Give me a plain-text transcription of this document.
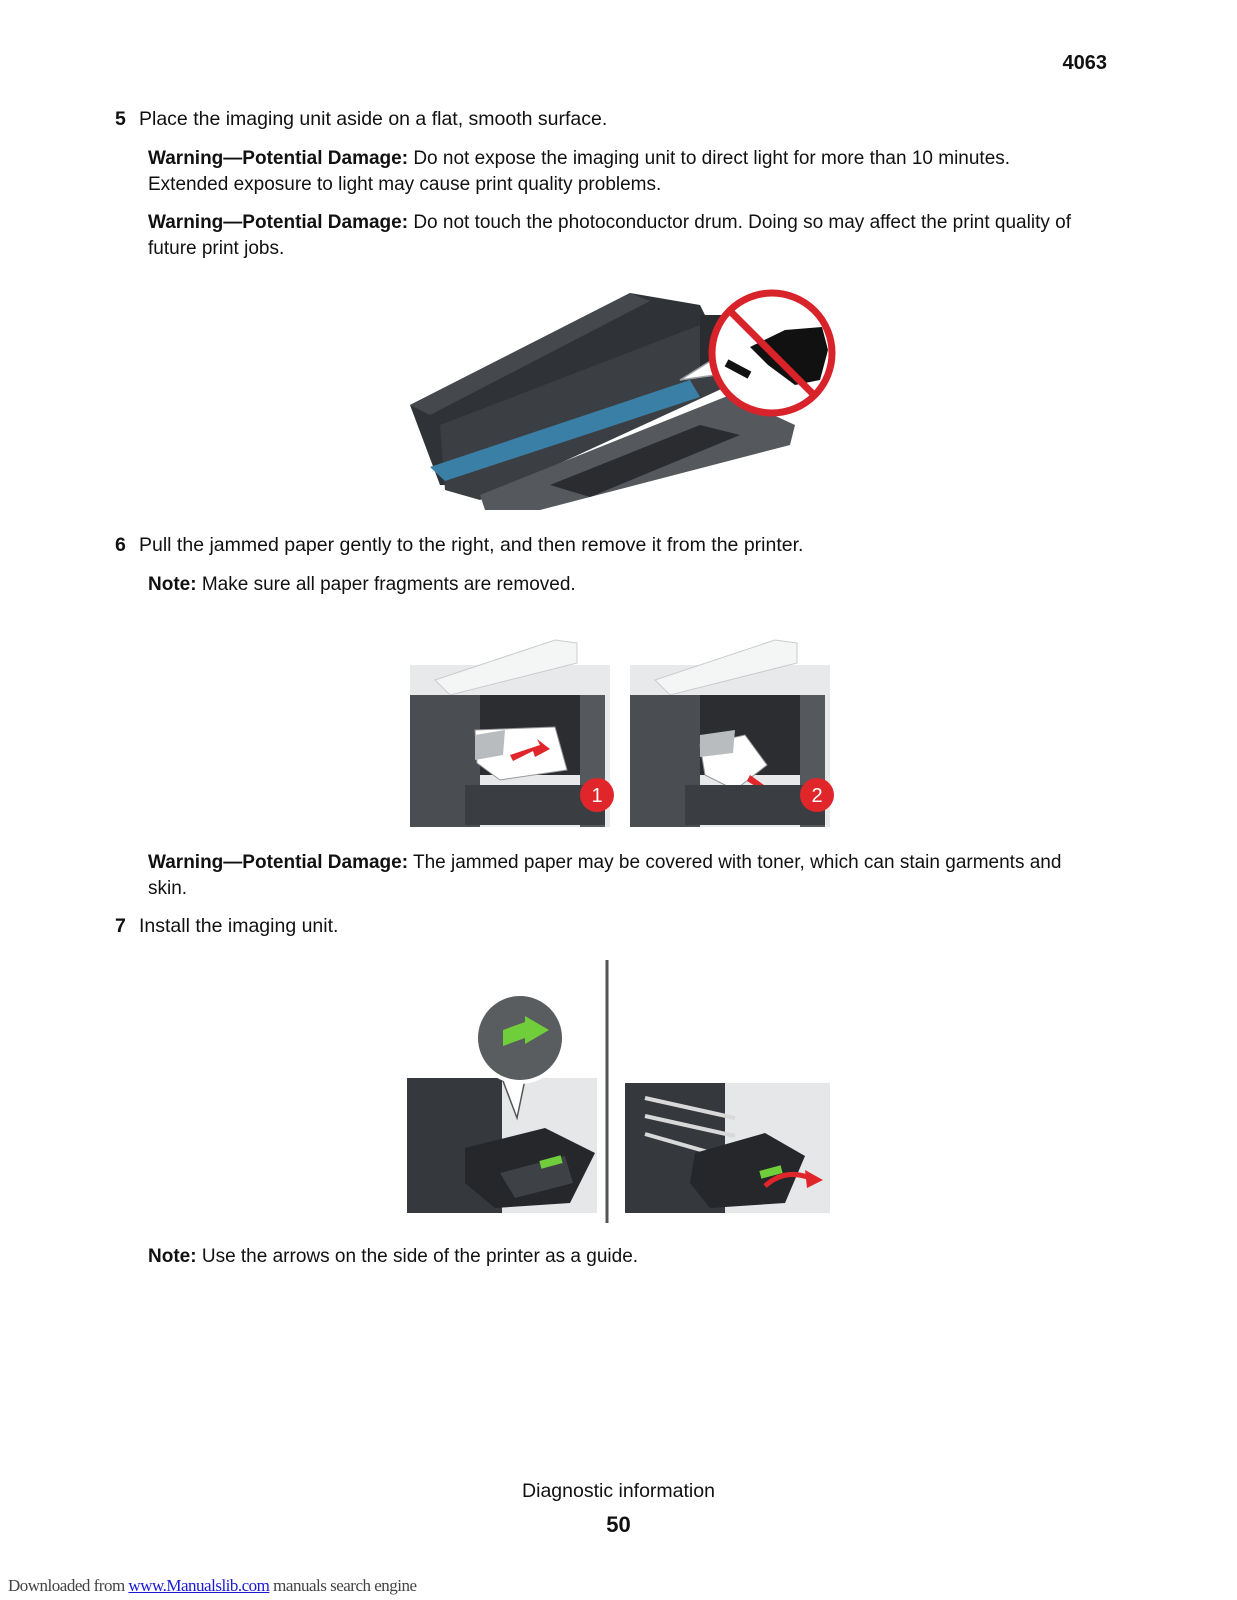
4063
5 Place the imaging unit aside on a flat, smooth surface.
Warning—Potential Damage: Do not expose the imaging unit to direct light for more than 10 minutes.
Extended exposure to light may cause print quality problems.
Warning—Potential Damage: Do not touch the photoconductor drum. Doing so may affect the print quality of
future print jobs.
6 Pull the jammed paper gently to the right, and then remove it from the printer.
Note: Make sure all paper fragments are removed.
1	2
Warning—Potential Damage: The jammed paper may be covered with toner, which can stain garments and
skin.
7 Install the imaging unit.
Note: Use the arrows on the side of the printer as a guide.
Diagnostic information
50
Downloaded from www.Manualslib.com manuals search engine
